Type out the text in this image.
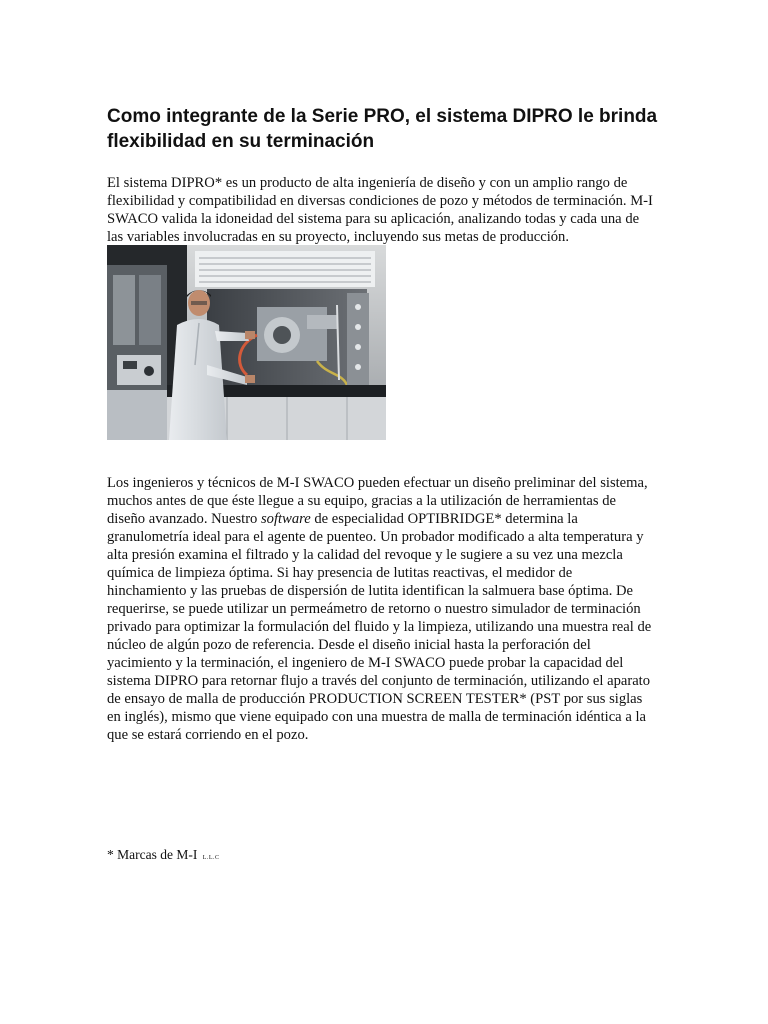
Como integrante de la Serie PRO, el sistema DIPRO le brinda flexibilidad en su terminación

El sistema DIPRO* es un producto de alta ingeniería de diseño y con un amplio rango de flexibilidad y compatibilidad en diversas condiciones de pozo y métodos de terminación. M-I SWACO valida la idoneidad del sistema para su aplicación, analizando todas y cada una de las variables involucradas en su proyecto, incluyendo sus metas de producción.

Los ingenieros y técnicos de M-I SWACO pueden efectuar un diseño preliminar del sistema, muchos antes de que éste llegue a su equipo, gracias a la utilización de herramientas de diseño avanzado. Nuestro software de especialidad OPTIBRIDGE* determina la granulometría ideal para el agente de puenteo. Un probador modificado a alta temperatura y alta presión examina el filtrado y la calidad del revoque y le sugiere a su vez una mezcla química de limpieza óptima. Si hay presencia de lutitas reactivas, el medidor de hinchamiento y las pruebas de dispersión de lutita identifican la salmuera base óptima. De requerirse, se puede utilizar un permeámetro de retorno o nuestro simulador de terminación privado para optimizar la formulación del fluido y la limpieza, utilizando una muestra real de núcleo de algún pozo de referencia. Desde el diseño inicial hasta la perforación del yacimiento y la terminación, el ingeniero de M-I SWACO puede probar la capacidad del sistema DIPRO para retornar flujo a través del conjunto de terminación, utilizando el aparato de ensayo de malla de producción PRODUCTION SCREEN TESTER* (PST por sus siglas en inglés), mismo que viene equipado con una muestra de malla de terminación idéntica a la que se estará corriendo en el pozo.

* Marcas de M-I L.L.C
